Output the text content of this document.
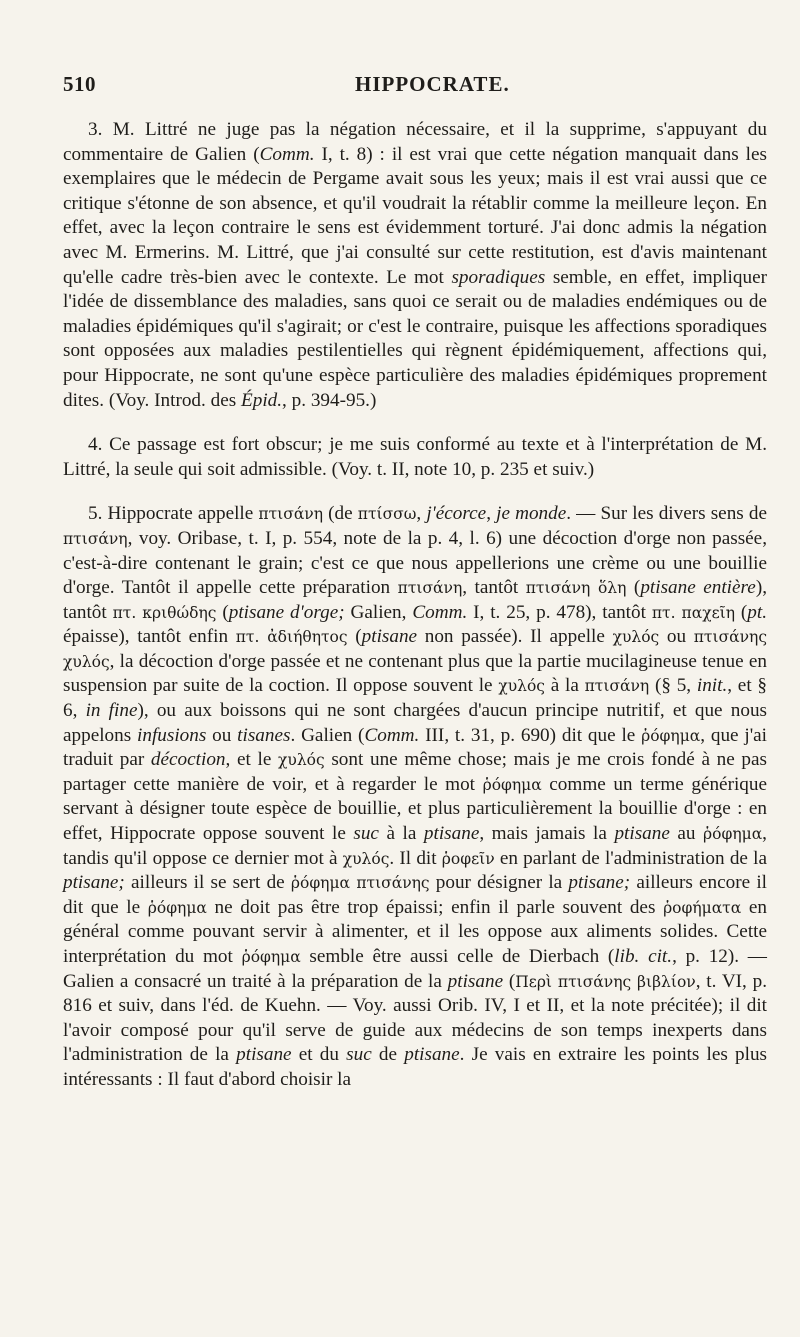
510	HIPPOCRATE.

3. M. Littré ne juge pas la négation nécessaire, et il la supprime, s'appuyant du commentaire de Galien (Comm. I, t. 8) : il est vrai que cette négation manquait dans les exemplaires que le médecin de Pergame avait sous les yeux; mais il est vrai aussi que ce critique s'étonne de son absence, et qu'il voudrait la rétablir comme la meilleure leçon. En effet, avec la leçon contraire le sens est évidemment torturé. J'ai donc admis la négation avec M. Ermerins. M. Littré, que j'ai consulté sur cette restitution, est d'avis maintenant qu'elle cadre très-bien avec le contexte. Le mot sporadiques semble, en effet, impliquer l'idée de dissemblance des maladies, sans quoi ce serait ou de maladies endémiques ou de maladies épidémiques qu'il s'agirait; or c'est le contraire, puisque les affections sporadiques sont opposées aux maladies pestilentielles qui règnent épidémiquement, affections qui, pour Hippocrate, ne sont qu'une espèce particulière des maladies épidémiques proprement dites. (Voy. Introd. des Épid., p. 394-95.)

4. Ce passage est fort obscur; je me suis conformé au texte et à l'interprétation de M. Littré, la seule qui soit admissible. (Voy. t. II, note 10, p. 235 et suiv.)

5. Hippocrate appelle πτισάνη (de πτίσσω, j'écorce, je monde. — Sur les divers sens de πτισάνη, voy. Oribase, t. I, p. 554, note de la p. 4, l. 6) une décoction d'orge non passée, c'est-à-dire contenant le grain; c'est ce que nous appellerions une crème ou une bouillie d'orge. Tantôt il appelle cette préparation πτισάνη, tantôt πτισάνη ὅλη (ptisane entière), tantôt πτ. κριθώδης (ptisane d'orge; Galien, Comm. I, t. 25, p. 478), tantôt πτ. παχεῖη (pt. épaisse), tantôt enfin πτ. ἀδιήθητος (ptisane non passée). Il appelle χυλός ou πτισάνης χυλός, la décoction d'orge passée et ne contenant plus que la partie mucilagineuse tenue en suspension par suite de la coction. Il oppose souvent le χυλός à la πτισάνη (§ 5, init., et § 6, in fine), ou aux boissons qui ne sont chargées d'aucun principe nutritif, et que nous appelons infusions ou tisanes. Galien (Comm. III, t. 31, p. 690) dit que le ῥόφημα, que j'ai traduit par décoction, et le χυλός sont une même chose; mais je me crois fondé à ne pas partager cette manière de voir, et à regarder le mot ῥόφημα comme un terme générique servant à désigner toute espèce de bouillie, et plus particulièrement la bouillie d'orge : en effet, Hippocrate oppose souvent le suc à la ptisane, mais jamais la ptisane au ῥόφημα, tandis qu'il oppose ce dernier mot à χυλός. Il dit ῥοφεῖν en parlant de l'administration de la ptisane; ailleurs il se sert de ῥόφημα πτισάνης pour désigner la ptisane; ailleurs encore il dit que le ῥόφημα ne doit pas être trop épaissi; enfin il parle souvent des ῥοφήματα en général comme pouvant servir à alimenter, et il les oppose aux aliments solides. Cette interprétation du mot ῥόφημα semble être aussi celle de Dierbach (lib. cit., p. 12). — Galien a consacré un traité à la préparation de la ptisane (Περὶ πτισάνης βιβλίον, t. VI, p. 816 et suiv, dans l'éd. de Kuehn. — Voy. aussi Orib. IV, I et II, et la note précitée); il dit l'avoir composé pour qu'il serve de guide aux médecins de son temps inexperts dans l'administration de la ptisane et du suc de ptisane. Je vais en extraire les points les plus intéressants : Il faut d'abord choisir la
